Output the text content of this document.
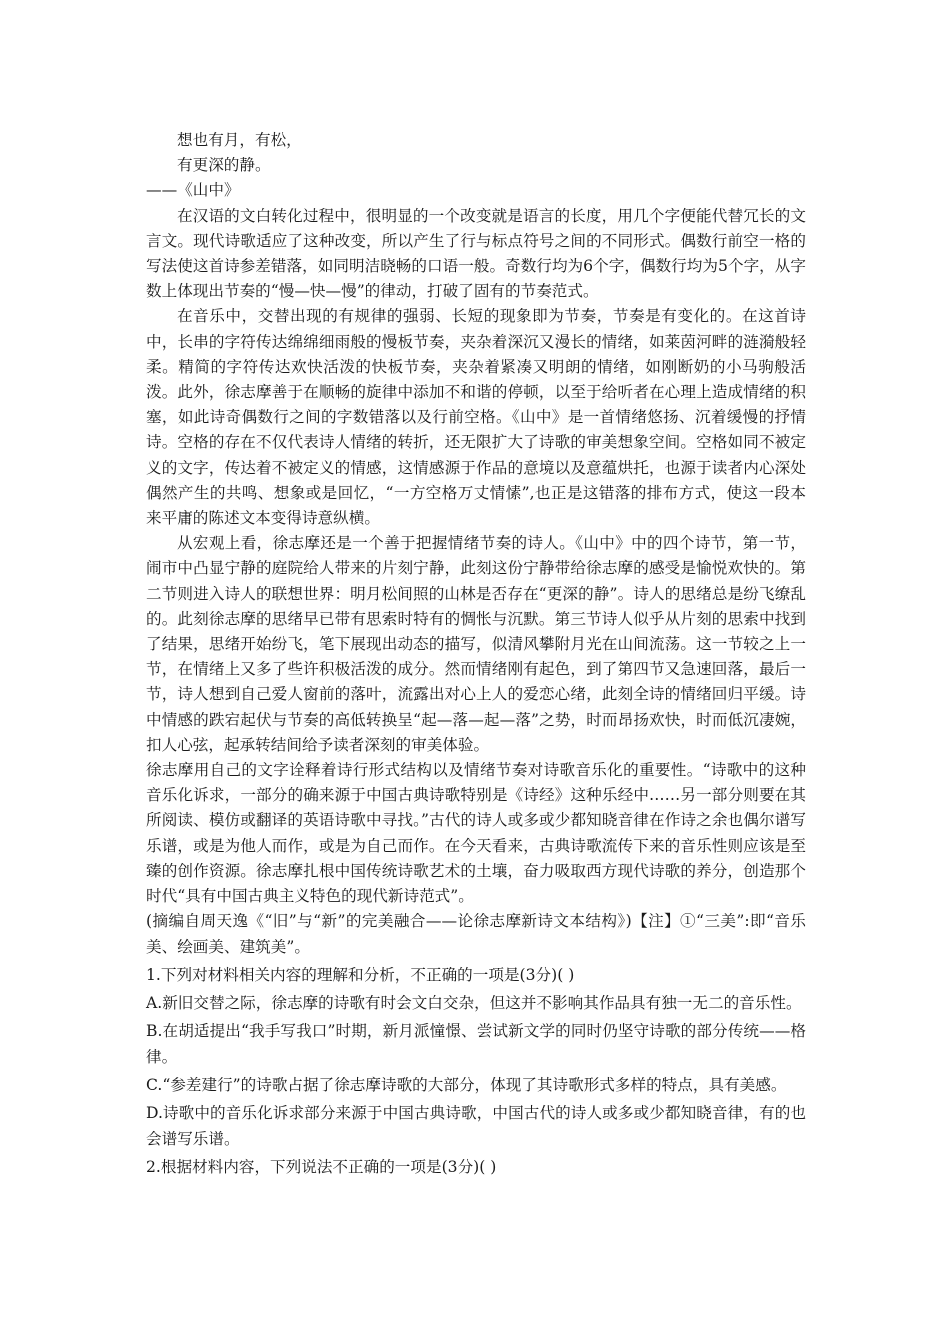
想也有月，有松，
有更深的静。
——《山中》
在汉语的文白转化过程中，很明显的一个改变就是语言的长度，用几个字便能代替冗长的文言文。现代诗歌适应了这种改变，所以产生了行与标点符号之间的不同形式。偶数行前空一格的写法使这首诗参差错落，如同明洁晓畅的口语一般。奇数行均为6个字，偶数行均为5个字，从字数上体现出节奏的“慢—快—慢”的律动，打破了固有的节奏范式。
在音乐中，交替出现的有规律的强弱、长短的现象即为节奏，节奏是有变化的。在这首诗中，长串的字符传达绵绵细雨般的慢板节奏，夹杂着深沉又漫长的情绪，如莱茵河畔的涟漪般轻柔。精简的字符传达欢快活泼的快板节奏，夹杂着紧凑又明朗的情绪，如刚断奶的小马驹般活泼。此外，徐志摩善于在顺畅的旋律中添加不和谐的停顿，以至于给听者在心理上造成情绪的积塞，如此诗奇偶数行之间的字数错落以及行前空格。《山中》是一首情绪悠扬、沉着缓慢的抒情诗。空格的存在不仅代表诗人情绪的转折，还无限扩大了诗歌的审美想象空间。空格如同不被定义的文字，传达着不被定义的情感，这情感源于作品的意境以及意蕴烘托，也源于读者内心深处偶然产生的共鸣、想象或是回忆，“一方空格万丈情愫”,也正是这错落的排布方式，使这一段本来平庸的陈述文本变得诗意纵横。
从宏观上看，徐志摩还是一个善于把握情绪节奏的诗人。《山中》中的四个诗节，第一节，闹市中凸显宁静的庭院给人带来的片刻宁静，此刻这份宁静带给徐志摩的感受是愉悦欢快的。第二节则进入诗人的联想世界：明月松间照的山林是否存在“更深的静”。诗人的思绪总是纷飞缭乱的。此刻徐志摩的思绪早已带有思索时特有的惆怅与沉默。第三节诗人似乎从片刻的思索中找到了结果，思绪开始纷飞，笔下展现出动态的描写，似清风攀附月光在山间流荡。这一节较之上一节，在情绪上又多了些许积极活泼的成分。然而情绪刚有起色，到了第四节又急速回落，最后一节，诗人想到自己爱人窗前的落叶，流露出对心上人的爱恋心绪，此刻全诗的情绪回归平缓。诗中情感的跌宕起伏与节奏的高低转换呈“起—落—起—落”之势，时而昂扬欢快，时而低沉凄婉，扣人心弦，起承转结间给予读者深刻的审美体验。
徐志摩用自己的文字诠释着诗行形式结构以及情绪节奏对诗歌音乐化的重要性。“诗歌中的这种音乐化诉求，一部分的确来源于中国古典诗歌特别是《诗经》这种乐经中……另一部分则要在其所阅读、模仿或翻译的英语诗歌中寻找。”古代的诗人或多或少都知晓音律在作诗之余也偶尔谱写乐谱，或是为他人而作，或是为自己而作。在今天看来，古典诗歌流传下来的音乐性则应该是至臻的创作资源。徐志摩扎根中国传统诗歌艺术的土壤，奋力吸取西方现代诗歌的养分，创造那个时代“具有中国古典主义特色的现代新诗范式”。
(摘编自周天逸《“旧”与“新”的完美融合——论徐志摩新诗文本结构》)【注】①“三美”:即“音乐美、绘画美、建筑美”。
1.下列对材料相关内容的理解和分析，不正确的一项是(3分)( )
A.新旧交替之际，徐志摩的诗歌有时会文白交杂，但这并不影响其作品具有独一无二的音乐性。
B.在胡适提出“我手写我口”时期，新月派憧憬、尝试新文学的同时仍坚守诗歌的部分传统——格律。
C.“参差建行”的诗歌占据了徐志摩诗歌的大部分，体现了其诗歌形式多样的特点，具有美感。
D.诗歌中的音乐化诉求部分来源于中国古典诗歌，中国古代的诗人或多或少都知晓音律，有的也会谱写乐谱。
2.根据材料内容，下列说法不正确的一项是(3分)( )
